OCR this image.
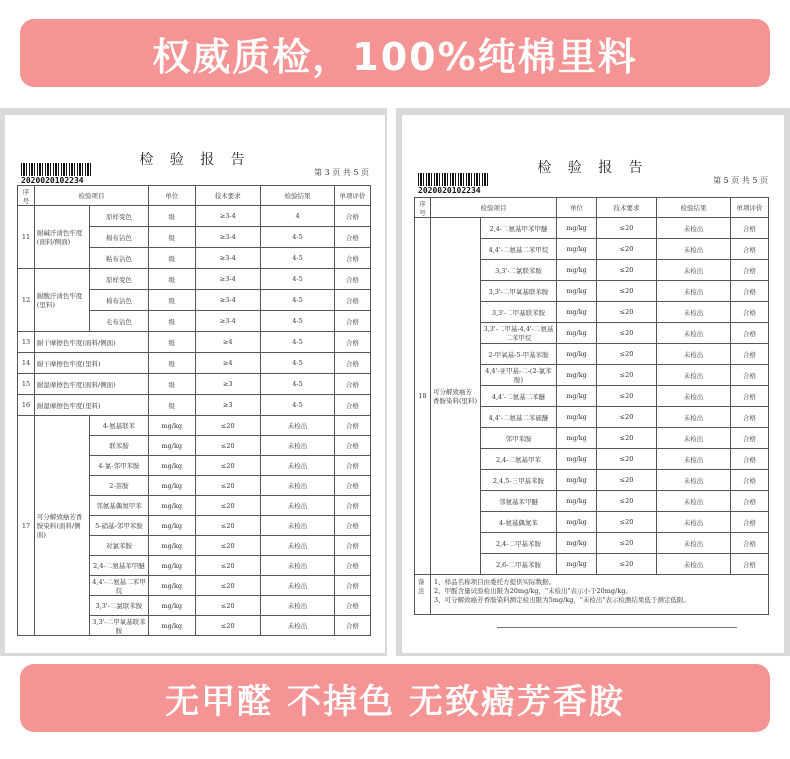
权威质检，100%纯棉里料
2020020102234
检 验 报 告
第 3 页 共 5 页
序号	检验项目		单位	技术要求	检验结果	单项评价
11	耐碱汗渍色牢度(面料/侧面)	原样变色	级	≥3-4	4	合格
		棉布沾色	级	≥3-4	4-5	合格
		粘布沾色	级	≥3-4	4-5	合格
12	耐酸汗渍色牢度(里料)	原样变色	级	≥3-4	4-5	合格
		棉布沾色	级	≥3-4	4-5	合格
		毛布沾色	级	≥3-4	4-5	合格
13	耐干摩擦色牢度(面料/侧面)		级	≥4	4-5	合格
14	耐干摩擦色牢度(里料)		级	≥4	4-5	合格
15	耐湿摩擦色牢度(面料/侧面)		级	≥3	4-5	合格
16	耐湿摩擦色牢度(里料)		级	≥3	4-5	合格
17	可分解致癌芳香胺染料(面料/侧面)	4-氨基联苯	mg/kg	≤20	未检出	合格
		联苯胺	mg/kg	≤20	未检出	合格
		4-氯-邻甲苯胺	mg/kg	≤20	未检出	合格
		2-萘胺	mg/kg	≤20	未检出	合格
		邻氨基偶氮甲苯	mg/kg	≤20	未检出	合格
		5-硝基-邻甲苯胺	mg/kg	≤20	未检出	合格
		对氯苯胺	mg/kg	≤20	未检出	合格
		2,4-二氨基苯甲醚	mg/kg	≤20	未检出	合格
		4,4'-二氨基二苯甲烷	mg/kg	≤20	未检出	合格
		3,3'-二氯联苯胺	mg/kg	≤20	未检出	合格
		3,3'-二甲氧基联苯胺	mg/kg	≤20	未检出	合格
2020020102234
检 验 报 告
第 5 页 共 5 页
序号	检验项目		单位	技术要求	检验结果	单项评价
18	可分解致癌芳香胺染料(里料)	2,4-二氨基甲苯甲醚	mg/kg	≤20	未检出	合格
		4,4'-二氨基二苯甲烷	mg/kg	≤20	未检出	合格
		3,3'-二氯联苯胺	mg/kg	≤20	未检出	合格
		3,3'-二甲氧基联苯胺	mg/kg	≤20	未检出	合格
		3,3'-二甲基联苯胺	mg/kg	≤20	未检出	合格
		3,3'-二甲基-4,4'-二氨基二苯甲烷	mg/kg	≤20	未检出	合格
		2-甲氧基-5-甲基苯胺	mg/kg	≤20	未检出	合格
		4,4'-亚甲基-二-(2-氯苯胺)	mg/kg	≤20	未检出	合格
		4,4'-二氨基二苯醚	mg/kg	≤20	未检出	合格
		4,4'-二氨基二苯硫醚	mg/kg	≤20	未检出	合格
		邻甲苯胺	mg/kg	≤20	未检出	合格
		2,4-二氨基甲苯	mg/kg	≤20	未检出	合格
		2,4,5-三甲基苯胺	mg/kg	≤20	未检出	合格
		邻氨基苯甲醚	mg/kg	≤20	未检出	合格
		4-氨基偶氮苯	mg/kg	≤20	未检出	合格
		2,4-二甲基苯胺	mg/kg	≤20	未检出	合格
		2,6-二甲基苯胺	mg/kg	≤20	未检出	合格
备注	1、样品名称项目由委托方提供实际数据。
2、甲醛含量试验检出限为20mg/kg，"未检出"表示小于20mg/kg。
3、可分解致癌芳香胺染料测定检出限为5mg/kg，"未检出"表示检测结果低于测定低限。					
无甲醛 不掉色 无致癌芳香胺
